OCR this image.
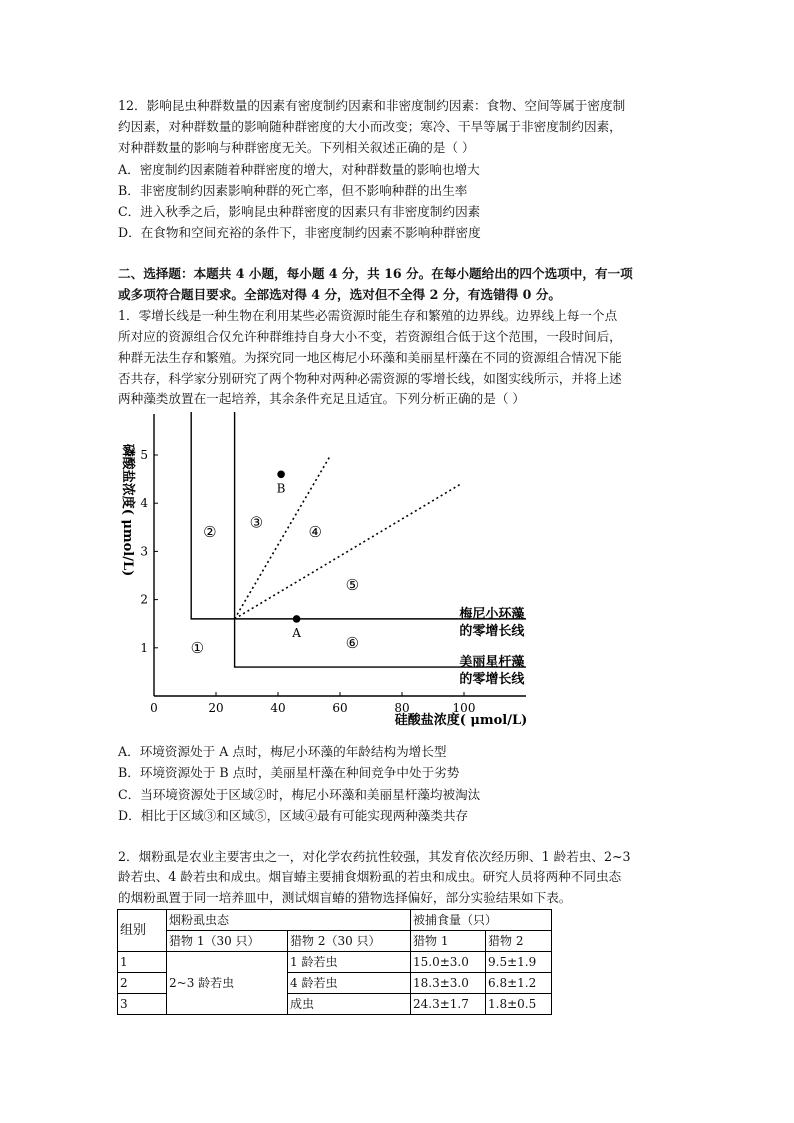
12．影响昆虫种群数量的因素有密度制约因素和非密度制约因素：食物、空间等属于密度制
约因素，对种群数量的影响随种群密度的大小而改变；寒冷、干旱等属于非密度制约因素，
对种群数量的影响与种群密度无关。下列相关叙述正确的是（ ）
A．密度制约因素随着种群密度的增大，对种群数量的影响也增大
B．非密度制约因素影响种群的死亡率，但不影响种群的出生率
C．进入秋季之后，影响昆虫种群密度的因素只有非密度制约因素
D．在食物和空间充裕的条件下，非密度制约因素不影响种群密度
二、选择题：本题共 4 小题，每小题 4 分，共 16 分。在每小题给出的四个选项中，有一项
或多项符合题目要求。全部选对得 4 分，选对但不全得 2 分，有选错得 0 分。
1．零增长线是一种生物在利用某些必需资源时能生存和繁殖的边界线。边界线上每一个点
所对应的资源组合仅允许种群维持自身大小不变，若资源组合低于这个范围，一段时间后，
种群无法生存和繁殖。为探究同一地区梅尼小环藻和美丽星杆藻在不同的资源组合情况下能
否共存，科学家分别研究了两个物种对两种必需资源的零增长线，如图实线所示，并将上述
两种藻类放置在一起培养，其余条件充足且适宜。下列分析正确的是（ ）
0	20	40	60	80	100
1
2
3
4
5
梅尼小环藻
的零增长线
美丽星杆藻
的零增长线
A
B
①
②
③
④
⑤
⑥
磷酸盐浓度( μmol/L)
硅酸盐浓度( μmol/L)
A．环境资源处于 A 点时，梅尼小环藻的年龄结构为增长型
B．环境资源处于 B 点时，美丽星杆藻在种间竞争中处于劣势
C．当环境资源处于区域②时，梅尼小环藻和美丽星杆藻均被淘汰
D．相比于区域③和区域⑤，区域④最有可能实现两种藻类共存
2．烟粉虱是农业主要害虫之一，对化学农药抗性较强，其发育依次经历卵、1 龄若虫、2~3
龄若虫、4 龄若虫和成虫。烟盲蝽主要捕食烟粉虱的若虫和成虫。研究人员将两种不同虫态
的烟粉虱置于同一培养皿中，测试烟盲蝽的猎物选择偏好，部分实验结果如下表。
组别	烟粉虱虫态		被捕食量（只）	
	猎物 1（30 只）	猎物 2（30 只）	猎物 1	猎物 2
1	2~3 龄若虫	1 龄若虫	15.0±3.0	9.5±1.9
2		4 龄若虫	18.3±3.0	6.8±1.2
3		成虫	24.3±1.7	1.8±0.5
